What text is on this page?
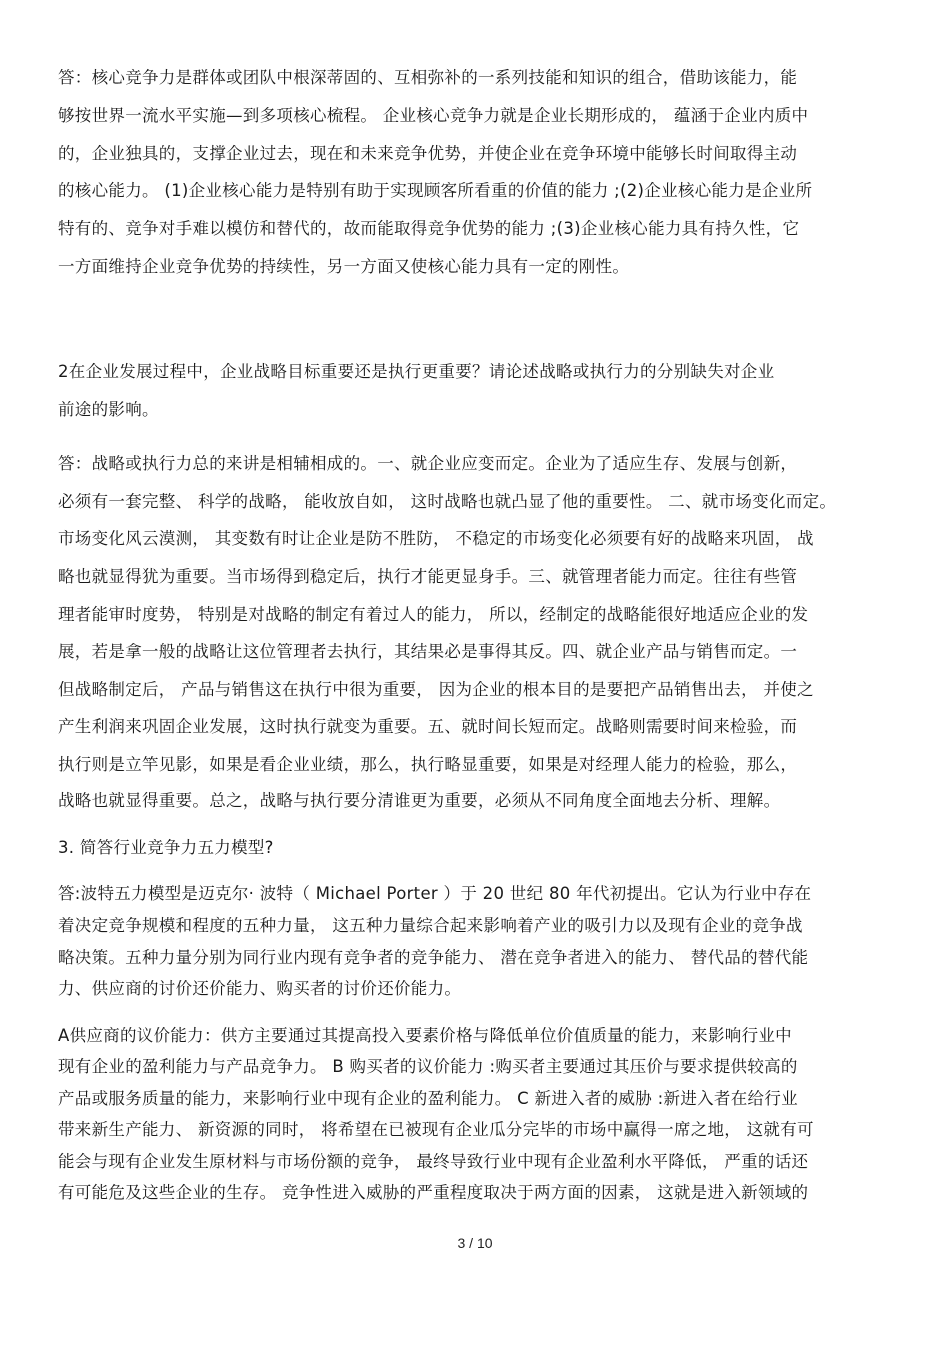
答：核心竞争力是群体或团队中根深蒂固的、互相弥补的一系列技能和知识的组合，借助该能力，能
够按世界一流水平实施—到多项核心梳程。 企业核心竞争力就是企业长期形成的， 蕴涵于企业内质中
的，企业独具的，支撑企业过去，现在和未来竞争优势，并使企业在竞争环境中能够长时间取得主动
的核心能力。 (1)企业核心能力是特别有助于实现顾客所看重的价值的能力 ;(2)企业核心能力是企业所
特有的、竞争对手难以模仿和替代的，故而能取得竞争优势的能力 ;(3)企业核心能力具有持久性，它
一方面维持企业竞争优势的持续性，另一方面又使核心能力具有一定的刚性。
2在企业发展过程中，企业战略目标重要还是执行更重要？请论述战略或执行力的分别缺失对企业
前途的影响。
答：战略或执行力总的来讲是相辅相成的。一、就企业应变而定。企业为了适应生存、发展与创新，
必须有一套完整、 科学的战略， 能收放自如， 这时战略也就凸显了他的重要性。 二、就市场变化而定。
市场变化风云漠测， 其变数有时让企业是防不胜防， 不稳定的市场变化必须要有好的战略来巩固， 战
略也就显得犹为重要。当市场得到稳定后，执行才能更显身手。三、就管理者能力而定。往往有些管
理者能审时度势， 特别是对战略的制定有着过人的能力， 所以，经制定的战略能很好地适应企业的发
展，若是拿一般的战略让这位管理者去执行，其结果必是事得其反。四、就企业产品与销售而定。一
但战略制定后， 产品与销售这在执行中很为重要， 因为企业的根本目的是要把产品销售出去， 并使之
产生利润来巩固企业发展，这时执行就变为重要。五、就时间长短而定。战略则需要时间来检验，而
执行则是立竿见影，如果是看企业业绩，那么，执行略显重要，如果是对经理人能力的检验，那么，
战略也就显得重要。总之，战略与执行要分清谁更为重要，必须从不同角度全面地去分析、理解。
3. 简答行业竞争力五力模型?
答:波特五力模型是迈克尔· 波特（ Michael Porter ）于 20 世纪 80 年代初提出。它认为行业中存在
着决定竞争规模和程度的五种力量， 这五种力量综合起来影响着产业的吸引力以及现有企业的竞争战
略决策。五种力量分别为同行业内现有竞争者的竞争能力、 潜在竞争者进入的能力、 替代品的替代能
力、供应商的讨价还价能力、购买者的讨价还价能力。
A供应商的议价能力：供方主要通过其提高投入要素价格与降低单位价值质量的能力，来影响行业中
现有企业的盈利能力与产品竞争力。 B 购买者的议价能力 :购买者主要通过其压价与要求提供较高的
产品或服务质量的能力，来影响行业中现有企业的盈利能力。 C 新进入者的威胁 :新进入者在给行业
带来新生产能力、 新资源的同时， 将希望在已被现有企业瓜分完毕的市场中赢得一席之地， 这就有可
能会与现有企业发生原材料与市场份额的竞争， 最终导致行业中现有企业盈利水平降低， 严重的话还
有可能危及这些企业的生存。 竞争性进入威胁的严重程度取决于两方面的因素， 这就是进入新领域的
3 / 10
